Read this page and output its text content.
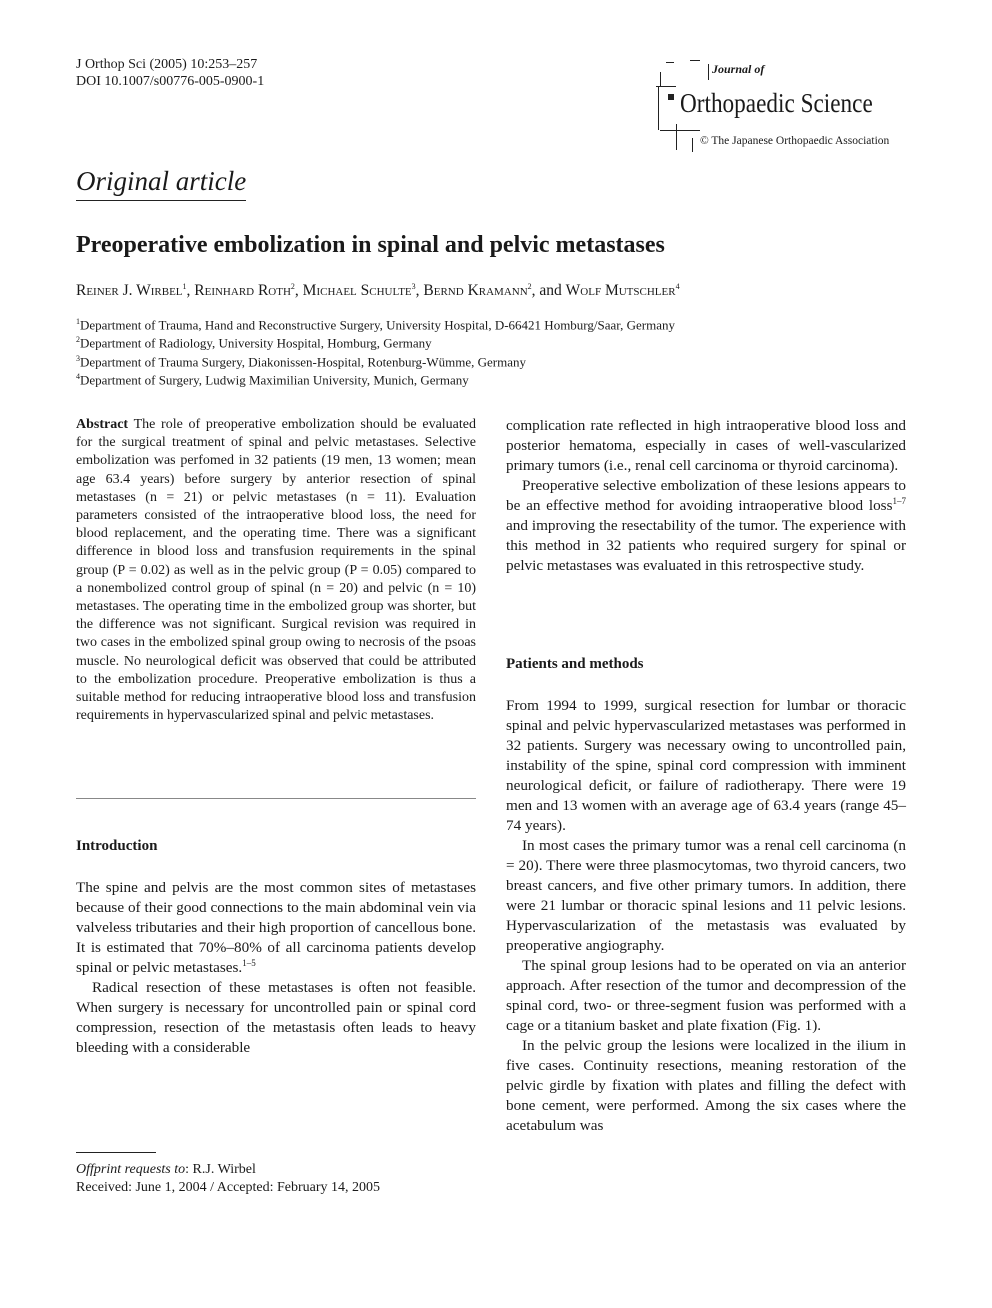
J Orthop Sci (2005) 10:253–257
DOI 10.1007/s00776-005-0900-1
Journal of
Orthopaedic Science
© The Japanese Orthopaedic Association
Original article
Preoperative embolization in spinal and pelvic metastases
Reiner J. Wirbel$^1$, Reinhard Roth$^2$, Michael Schulte$^3$, Bernd Kramann$^2$, and Wolf Mutschler$^4$
$^1$Department of Trauma, Hand and Reconstructive Surgery, University Hospital, D-66421 Homburg/Saar, Germany
$^2$Department of Radiology, University Hospital, Homburg, Germany
$^3$Department of Trauma Surgery, Diakonissen-Hospital, Rotenburg-Wümme, Germany
$^4$Department of Surgery, Ludwig Maximilian University, Munich, Germany
Abstract The role of preoperative embolization should be evaluated for the surgical treatment of spinal and pelvic metastases. Selective embolization was perfomed in 32 patients (19 men, 13 women; mean age 63.4 years) before surgery by anterior resection of spinal metastases (n = 21) or pelvic metastases (n = 11). Evaluation parameters consisted of the intraoperative blood loss, the need for blood replacement, and the operating time. There was a significant difference in blood loss and transfusion requirements in the spinal group (P = 0.02) as well as in the pelvic group (P = 0.05) compared to a nonembolized control group of spinal (n = 20) and pelvic (n = 10) metastases. The operating time in the embolized group was shorter, but the difference was not significant. Surgical revision was required in two cases in the embolized spinal group owing to necrosis of the psoas muscle. No neurological deficit was observed that could be attributed to the embolization procedure. Preoperative embolization is thus a suitable method for reducing intraoperative blood loss and transfusion requirements in hypervascularized spinal and pelvic metastases.
Introduction

The spine and pelvis are the most common sites of metastases because of their good connections to the main abdominal vein via valveless tributaries and their high proportion of cancellous bone. It is estimated that 70%–80% of all carcinoma patients develop spinal or pelvic metastases.$^{1-5}$

Radical resection of these metastases is often not feasible. When surgery is necessary for uncontrolled pain or spinal cord compression, resection of the metastasis often leads to heavy bleeding with a considerable

complication rate reflected in high intraoperative blood loss and posterior hematoma, especially in cases of well-vascularized primary tumors (i.e., renal cell carcinoma or thyroid carcinoma).

Preoperative selective embolization of these lesions appears to be an effective method for avoiding intraoperative blood loss$^{1-7}$ and improving the resectability of the tumor. The experience with this method in 32 patients who required surgery for spinal or pelvic metastases was evaluated in this retrospective study.

Patients and methods

From 1994 to 1999, surgical resection for lumbar or thoracic spinal and pelvic hypervascularized metastases was performed in 32 patients. Surgery was necessary owing to uncontrolled pain, instability of the spine, spinal cord compression with imminent neurological deficit, or failure of radiotherapy. There were 19 men and 13 women with an average age of 63.4 years (range 45–74 years).

In most cases the primary tumor was a renal cell carcinoma (n = 20). There were three plasmocytomas, two thyroid cancers, two breast cancers, and five other primary tumors. In addition, there were 21 lumbar or thoracic spinal lesions and 11 pelvic lesions. Hypervascularization of the metastasis was evaluated by preoperative angiography.

The spinal group lesions had to be operated on via an anterior approach. After resection of the tumor and decompression of the spinal cord, two- or three-segment fusion was performed with a cage or a titanium basket and plate fixation (Fig. 1).

In the pelvic group the lesions were localized in the ilium in five cases. Continuity resections, meaning restoration of the pelvic girdle by fixation with plates and filling the defect with bone cement, were performed. Among the six cases where the acetabulum was

Offprint requests to: R.J. Wirbel
Received: June 1, 2004 / Accepted: February 14, 2005
